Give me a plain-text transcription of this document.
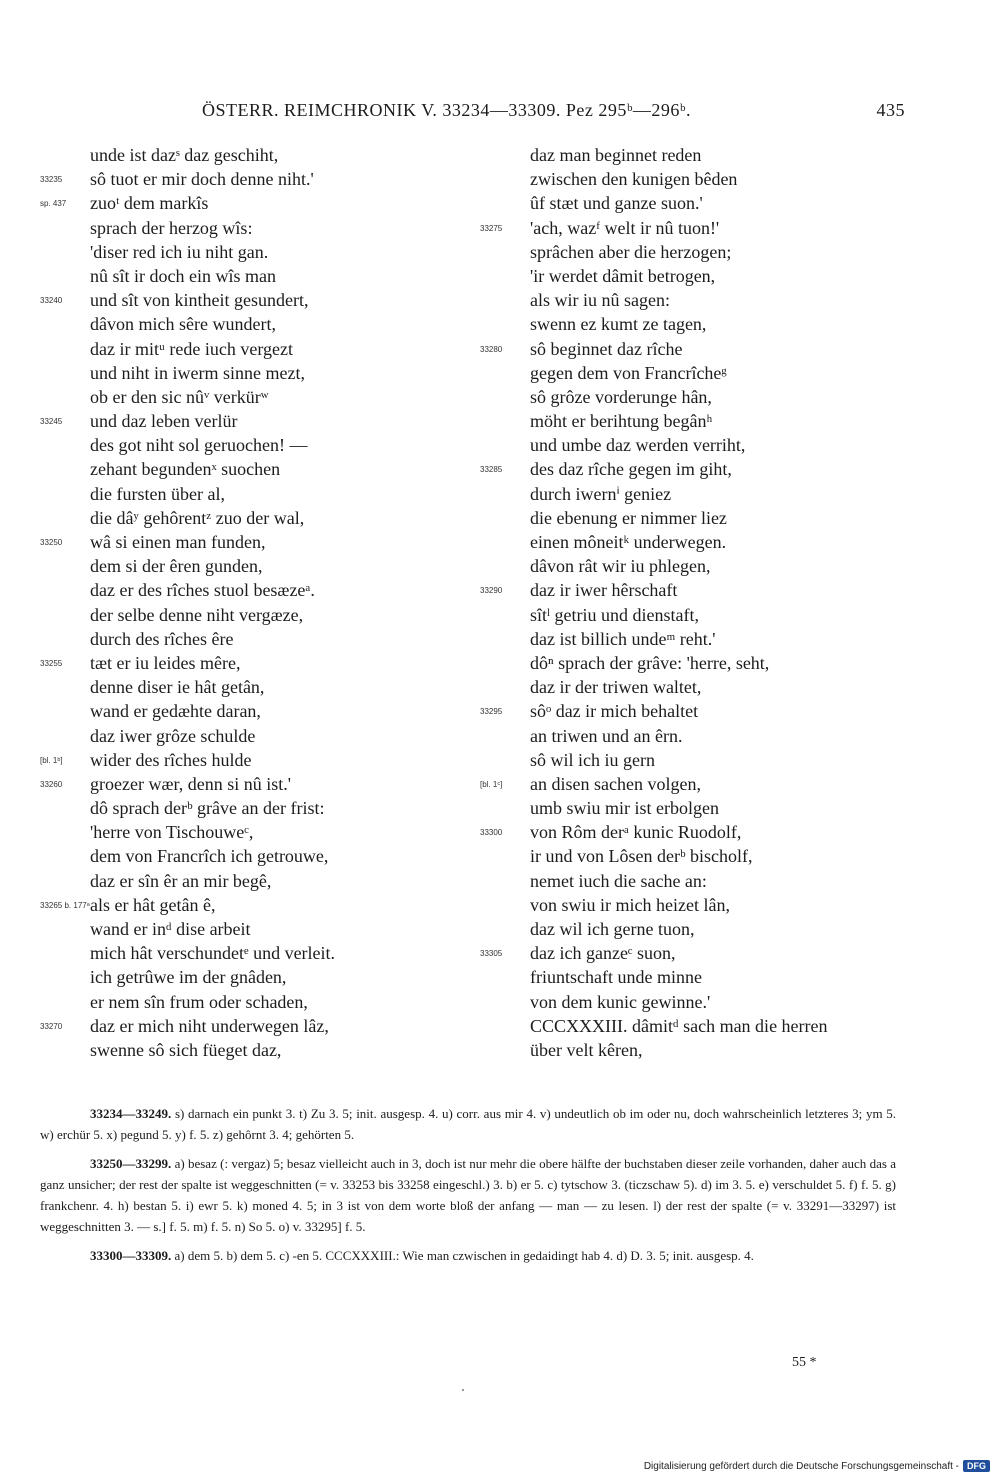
ÖSTERR. REIMCHRONIK V. 33234—33309. Pez 295ᵇ—296ᵇ.	435
unde ist dazˢ daz geschiht,
33235 sô tuot er mir doch denne niht.'
sp. 437 zuoᵗ dem markîs
sprach der herzog wîs:
'diser red ich iu niht gan.
nû sît ir doch ein wîs man
33240 und sît von kintheit gesundert,
dâvon mich sêre wundert,
daz ir mitᵘ rede iuch vergezt
und niht in iwerm sinne mezt,
ob er den sic nûᵛ verkürʷ
33245 und daz leben verlür
des got niht sol geruochen! —
zehant begundenˣ suochen
die fursten über al,
die dâʸ gehôrentᶻ zuo der wal,
33250 wâ si einen man funden,
dem si der êren gunden,
daz er des rîches stuol besæzeᵃ.
der selbe denne niht vergæze,
durch des rîches êre
33255 tæt er iu leides mêre,
denne diser ie hât getân,
wand er gedæhte daran,
daz iwer grôze schulde
[bl. 1ᵇ] wider des rîches hulde
33260 groezer wær, denn si nû ist.'
dô sprach derᵇ grâve an der frist:
'herre von Tischouweᶜ,
dem von Francrîch ich getrouwe,
daz er sîn êr an mir begê,
33265 b. 177ᵃ als er hât getân ê,
wand er inᵈ dise arbeit
mich hât verschundetᵉ und verleit.
ich getrûwe im der gnâden,
er nem sîn frum oder schaden,
33270 daz er mich niht underwegen lâz,
swenne sô sich füeget daz,
daz man beginnet reden
zwischen den kunigen bêden
ûf stæt und ganze suon.'
33275 'ach, wazᶠ welt ir nû tuon!'
sprâchen aber die herzogen;
'ir werdet dâmit betrogen,
als wir iu nû sagen:
swenn ez kumt ze tagen,
33280 sô beginnet daz rîche
gegen dem von Francrîcheᵍ
sô grôze vorderunge hân,
möht er berihtung begânʰ
und umbe daz werden verriht,
33285 des daz rîche gegen im giht,
durch iwernⁱ geniez
die ebenung er nimmer liez
einen môneitᵏ underwegen.
dâvon rât wir iu phlegen,
33290 daz ir iwer hêrschaft
sîtˡ getriu und dienstaft,
daz ist billich undeᵐ reht.'
dôⁿ sprach der grâve: 'herre, seht,
daz ir der triwen waltet,
33295 sôᵒ daz ir mich behaltet
an triwen und an êrn.
sô wil ich iu gern
[bl. 1ᶜ] an disen sachen volgen,
umb swiu mir ist erbolgen
33300 von Rôm derᵃ kunic Ruodolf,
ir und von Lôsen derᵇ bischolf,
nemet iuch die sache an:
von swiu ir mich heizet lân,
daz wil ich gerne tuon,
33305 daz ich ganzeᶜ suon,
friuntschaft unde minne
von dem kunic gewinne.'
CCCXXXIII. dâmitᵈ sach man die herren
über velt kêren,
33234—33249. s) darnach ein punkt 3. t) Zu 3. 5; init. ausgesp. 4. u) corr. aus mir 4. v) undeutlich ob im oder nu, doch wahrscheinlich letzteres 3; ym 5. w) erchür 5. x) pegund 5. y) f. 5. z) gehôrnt 3. 4; gehörten 5.
33250—33299. a) besaz (: vergaz) 5; besaz vielleicht auch in 3, doch ist nur mehr die obere hälfte der buchstaben dieser zeile vorhanden, daher auch das a ganz unsicher; der rest der spalte ist weggeschnitten (= v. 33253 bis 33258 eingeschl.) 3. b) er 5. c) tytschow 3. (ticzschaw 5). d) im 3. 5. e) verschuldet 5. f) f. 5. g) frankchenr. 4. h) bestan 5. i) ewr 5. k) moned 4. 5; in 3 ist von dem worte bloß der anfang — man — zu lesen. l) der rest der spalte (= v. 33291—33297) ist weggeschnitten 3. — s.] f. 5. m) f. 5. n) So 5. o) v. 33295] f. 5.
33300—33309. a) dem 5. b) dem 5. c) -en 5. CCCXXXIII.: Wie man czwischen in gedaidingt hab 4. d) D. 3. 5; init. ausgesp. 4.
55 *
Digitalisierung gefördert durch die Deutsche Forschungsgemeinschaft - DFG
